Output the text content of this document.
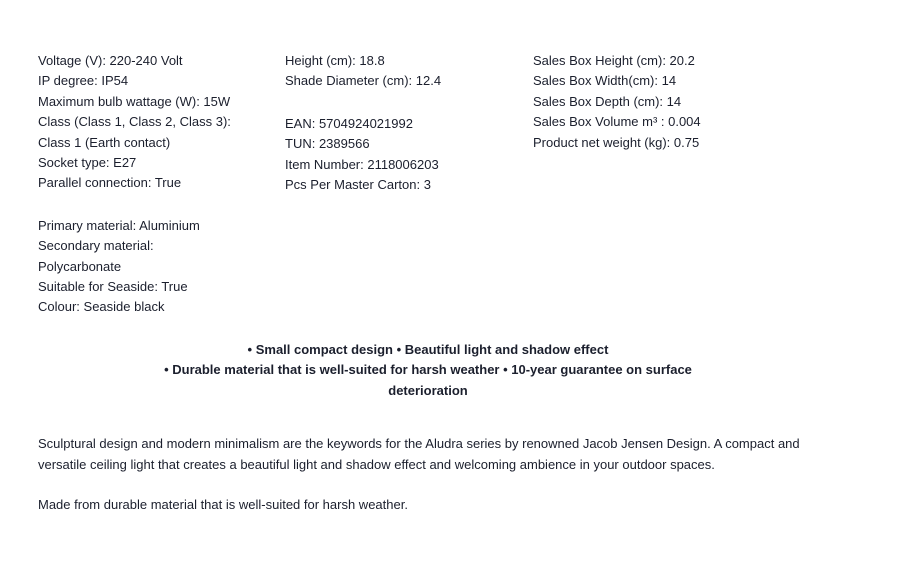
Voltage (V): 220-240 Volt
IP degree: IP54
Maximum bulb wattage (W): 15W
Class (Class 1, Class 2, Class 3):
Class 1 (Earth contact)
Socket type: E27
Parallel connection: True
Primary material: Aluminium
Secondary material:
Polycarbonate
Suitable for Seaside: True
Colour: Seaside black
Height (cm): 18.8
Shade Diameter (cm): 12.4
EAN: 5704924021992
TUN: 2389566
Item Number: 2118006203
Pcs Per Master Carton: 3
Sales Box Height (cm): 20.2
Sales Box Width(cm): 14
Sales Box Depth (cm): 14
Sales Box Volume m³ : 0.004
Product net weight (kg): 0.75
• Small compact design • Beautiful light and shadow effect
• Durable material that is well-suited for harsh weather • 10-year guarantee on surface
deterioration

Sculptural design and modern minimalism are the keywords for the Aludra series by renowned Jacob Jensen Design. A compact and versatile ceiling light that creates a beautiful light and shadow effect and welcoming ambience in your outdoor spaces.

Made from durable material that is well-suited for harsh weather.
